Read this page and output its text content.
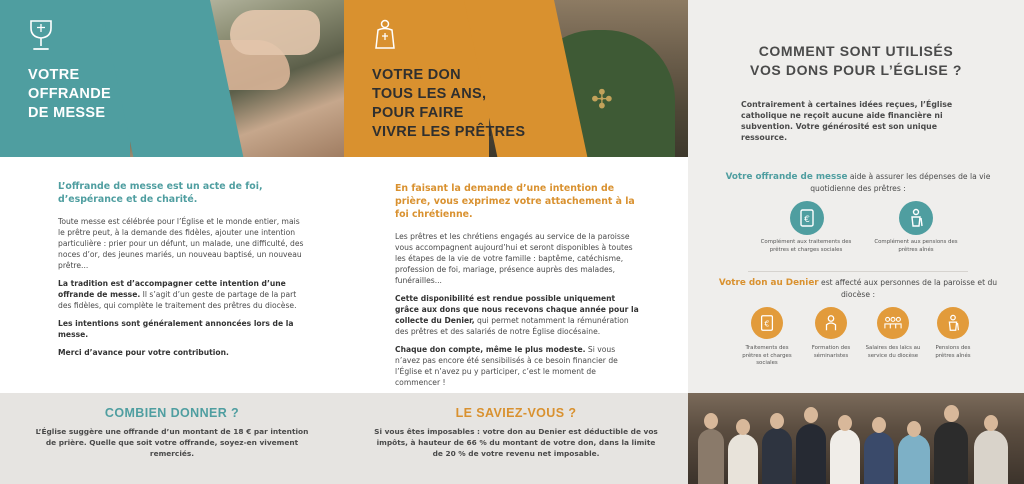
VOTRE
OFFRANDE
DE MESSE
L’offrande de messe est un acte de foi, d’espérance et de charité.

Toute messe est célébrée pour l’Église et le monde entier, mais le prêtre peut, à la demande des fidèles, ajouter une intention particulière : prier pour un défunt, un malade, une difficulté, des noces d’or, des jeunes mariés, un nouveau baptisé, un nouveau prêtre...

La tradition est d’accompagner cette intention d’une offrande de messe. Il s’agit d’un geste de partage de la part des fidèles, qui complète le traitement des prêtres du diocèse.

Les intentions sont généralement annoncées lors de la messe.

Merci d’avance pour votre contribution.

COMBIEN DONNER ?
L’Église suggère une offrande d’un montant de 18 € par intention de prière. Quelle que soit votre offrande, soyez-en vivement remerciés.
✣
VOTRE DON
TOUS LES ANS,
POUR FAIRE
VIVRE LES PRÊTRES
En faisant la demande d’une intention de prière, vous exprimez votre attachement à la foi chrétienne.

Les prêtres et les chrétiens engagés au service de la paroisse vous accompagnent aujourd’hui et seront disponibles à toutes les étapes de la vie de votre famille : baptême, catéchisme, profession de foi, mariage, présence auprès des malades, funérailles...

Cette disponibilité est rendue possible uniquement grâce aux dons que nous recevons chaque année pour la collecte du Denier, qui permet notamment la rémunération des prêtres et des salariés de notre Église diocésaine.

Chaque don compte, même le plus modeste. Si vous n’avez pas encore été sensibilisés à ce besoin financier de l’Église et n’avez pu y participer, c’est le moment de commencer !

LE SAVIEZ-VOUS ?
Si vous êtes imposables : votre don au Denier est déductible de vos impôts, à hauteur de 66 % du montant de votre don, dans la limite de 20 % de votre revenu net imposable.
COMMENT SONT UTILISÉS
VOS DONS POUR L’ÉGLISE ?
Contrairement à certaines idées reçues, l’Église catholique ne reçoit aucune aide financière ni subvention. Votre générosité est son unique ressource.
Votre offrande de messe aide à assurer les dépenses de la vie quotidienne des prêtres :
€
Complément aux traitements des prêtres et charges sociales
Complément aux pensions des prêtres aînés
Votre don au Denier est affecté aux personnes de la paroisse et du diocèse :
€
Traitements des prêtres et charges sociales
Formation des séminaristes
Salaires des laïcs au service du diocèse
Pensions des prêtres aînés
